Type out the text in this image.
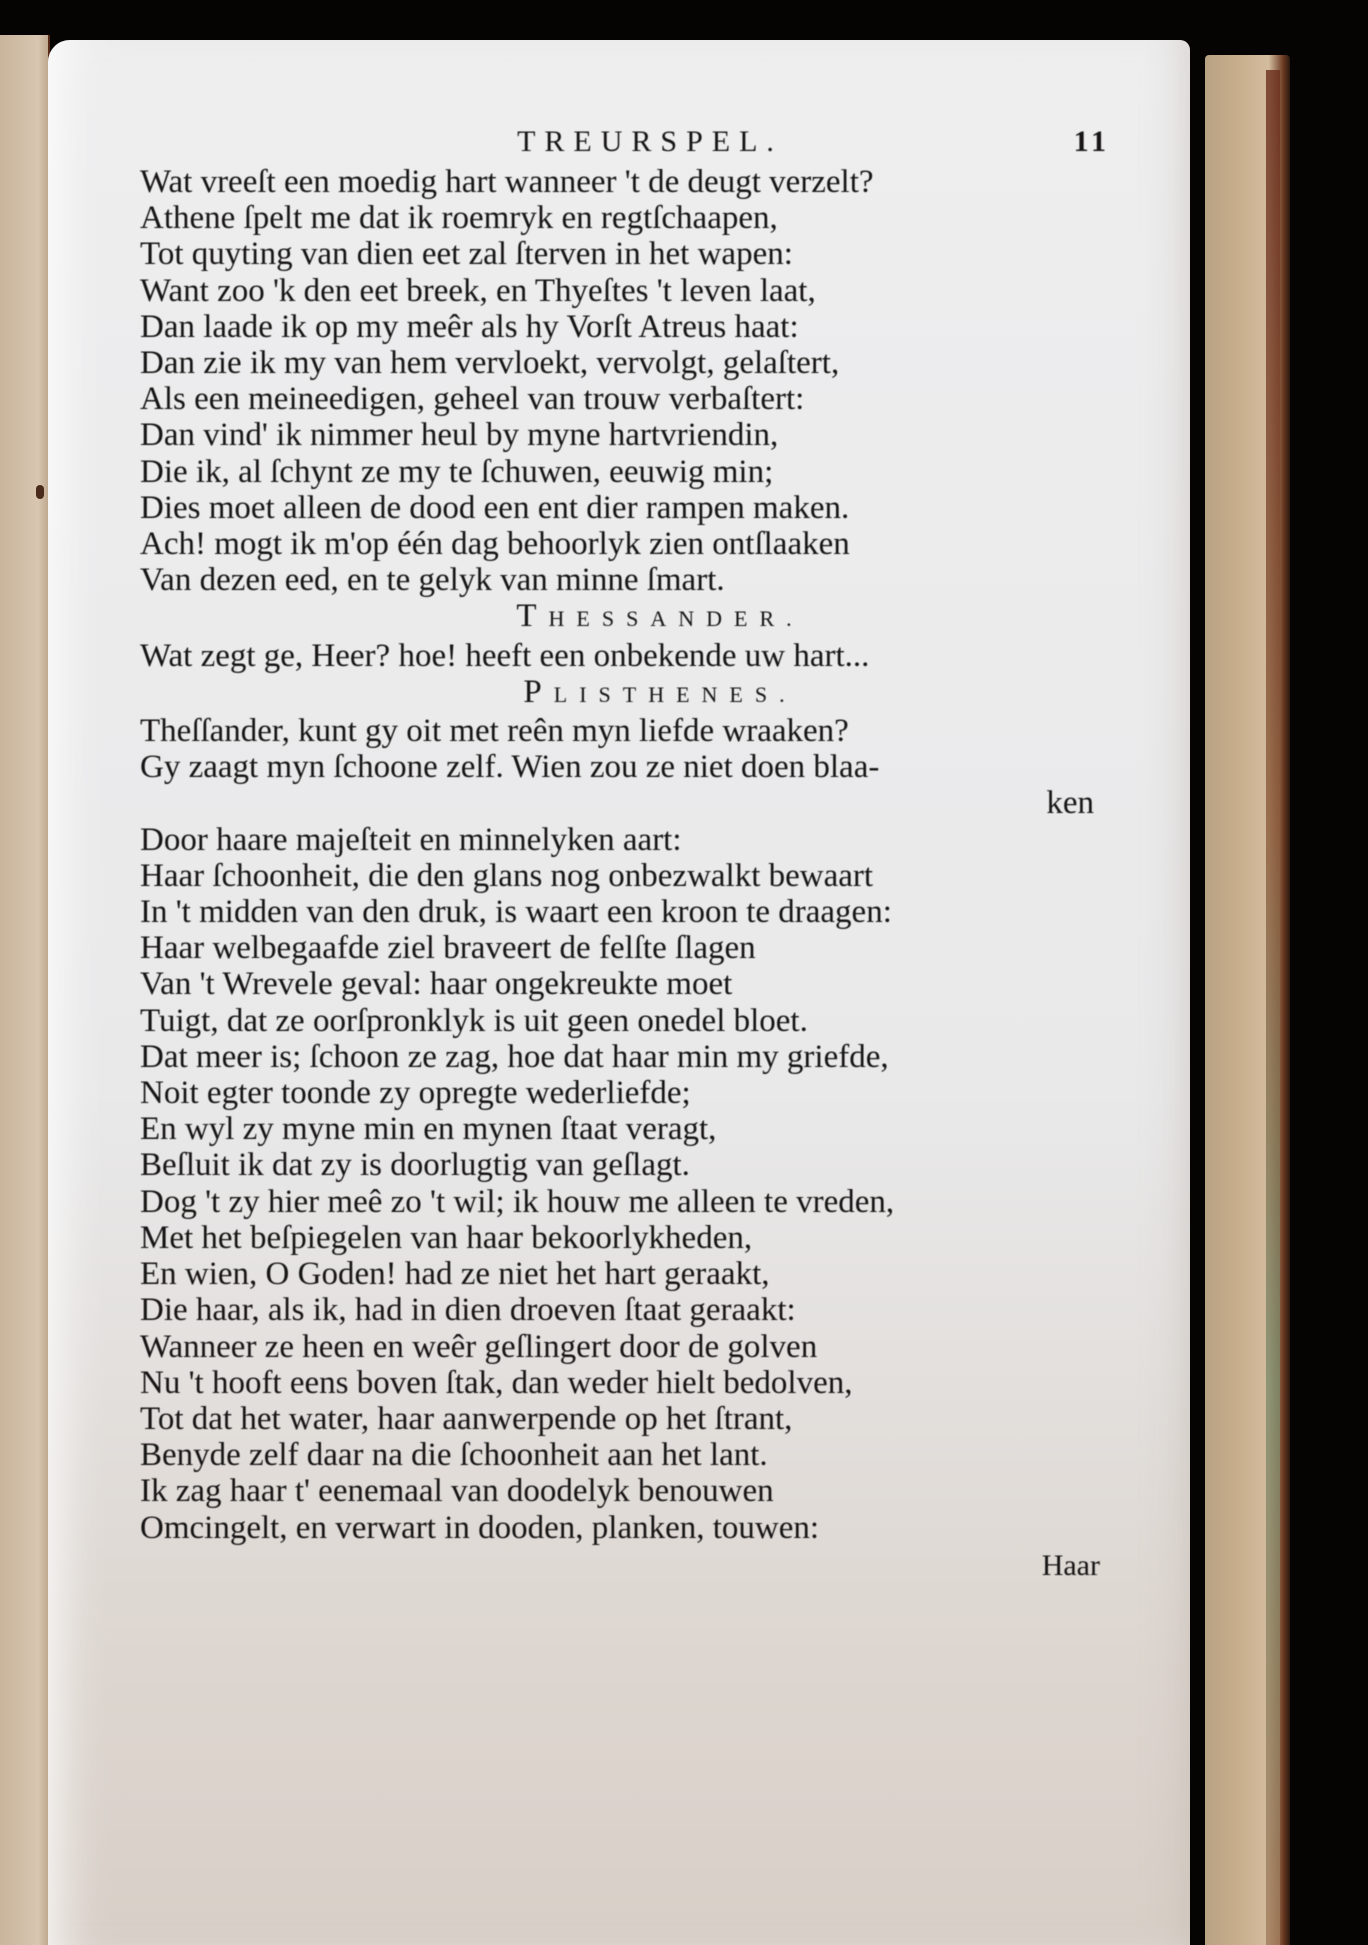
TREURSPEL.	11
Wat vreeſt een moedig hart wanneer 't de deugt verzelt?
Athene ſpelt me dat ik roemryk en regtſchaapen,
Tot quyting van dien eet zal ſterven in het wapen:
Want zoo 'k den eet breek, en Thyeſtes 't leven laat,
Dan laade ik op my meêr als hy Vorſt Atreus haat:
Dan zie ik my van hem vervloekt, vervolgt, gelaſtert,
Als een meineedigen, geheel van trouw verbaſtert:
Dan vind' ik nimmer heul by myne hartvriendin,
Die ik, al ſchynt ze my te ſchuwen, eeuwig min;
Dies moet alleen de dood een ent dier rampen maken.
Ach! mogt ik m'op één dag behoorlyk zien ontſlaaken
Van dezen eed, en te gelyk van minne ſmart.
THESSANDER.
Wat zegt ge, Heer? hoe! heeft een onbekende uw hart...
PLISTHENES.
Theſſander, kunt gy oit met reên myn liefde wraaken?
Gy zaagt myn ſchoone zelf. Wien zou ze niet doen blaa-
ken
Door haare majeſteit en minnelyken aart:
Haar ſchoonheit, die den glans nog onbezwalkt bewaart
In 't midden van den druk, is waart een kroon te draagen:
Haar welbegaafde ziel braveert de felſte ſlagen
Van 't Wrevele geval: haar ongekreukte moet
Tuigt, dat ze oorſpronklyk is uit geen onedel bloet.
Dat meer is; ſchoon ze zag, hoe dat haar min my griefde,
Noit egter toonde zy opregte wederliefde;
En wyl zy myne min en mynen ſtaat veragt,
Beſluit ik dat zy is doorlugtig van geſlagt.
Dog 't zy hier meê zo 't wil; ik houw me alleen te vreden,
Met het beſpiegelen van haar bekoorlykheden,
En wien, O Goden! had ze niet het hart geraakt,
Die haar, als ik, had in dien droeven ſtaat geraakt:
Wanneer ze heen en weêr geſlingert door de golven
Nu 't hooft eens boven ſtak, dan weder hielt bedolven,
Tot dat het water, haar aanwerpende op het ſtrant,
Benyde zelf daar na die ſchoonheit aan het lant.
Ik zag haar t' eenemaal van doodelyk benouwen
Omcingelt, en verwart in dooden, planken, touwen:
Haar
